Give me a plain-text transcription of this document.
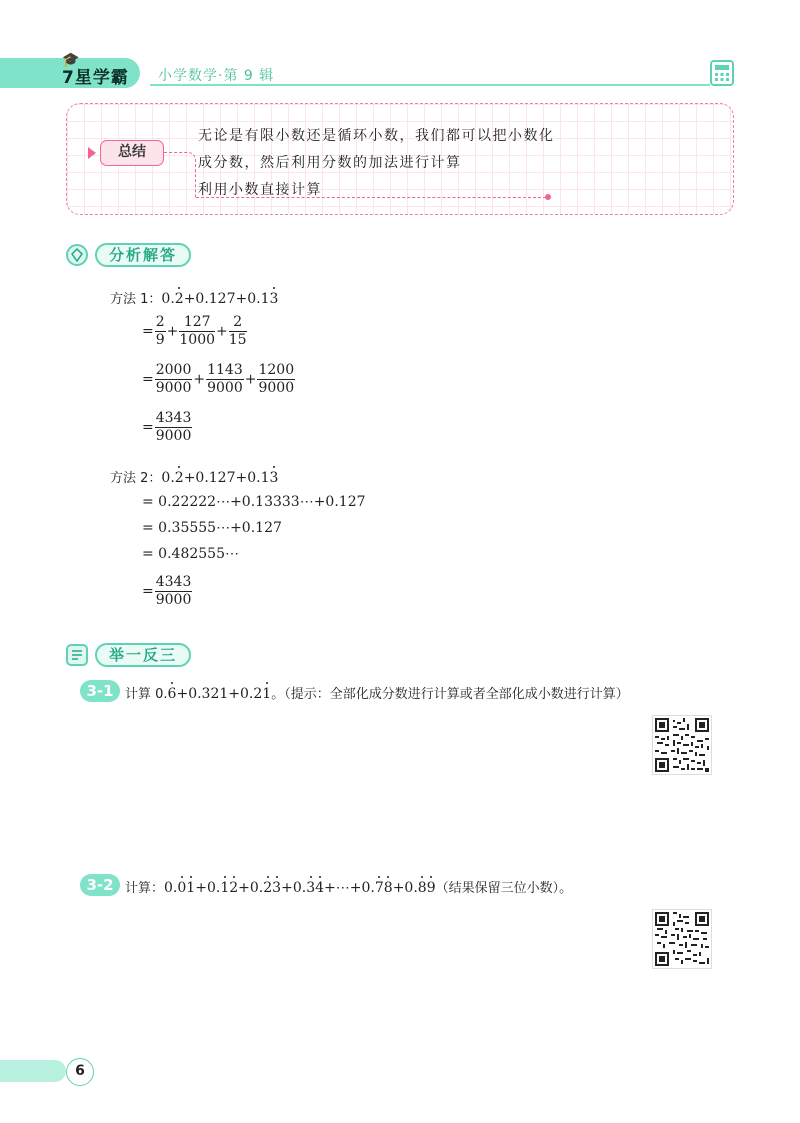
🎓
7星学霸 小学数学·第 9 辑
总结
无论是有限小数还是循环小数，我们都可以把小数化
成分数，然后利用分数的加法进行计算
利用小数直接计算
分析解答
方法 1：0.2+0.127+0.13
= $\frac{2}{9} + \frac{127}{1000} + \frac{2}{15}$
= $\frac{2000}{9000} + \frac{1143}{9000} + \frac{1200}{9000}$
= $\frac{4343}{9000}$
方法 2：0.2+0.127+0.13
= 0.22222⋯+0.13333⋯+0.127
= 0.35555⋯+0.127
= 0.482555⋯
= $\frac{4343}{9000}$
举一反三
3-1 计算 0.6+0.321+0.21。（提示：全部化成分数进行计算或者全部化成小数进行计算）
3-2 计算：0.01+0.12+0.23+0.34+⋯+0.78+0.89（结果保留三位小数）。
6
